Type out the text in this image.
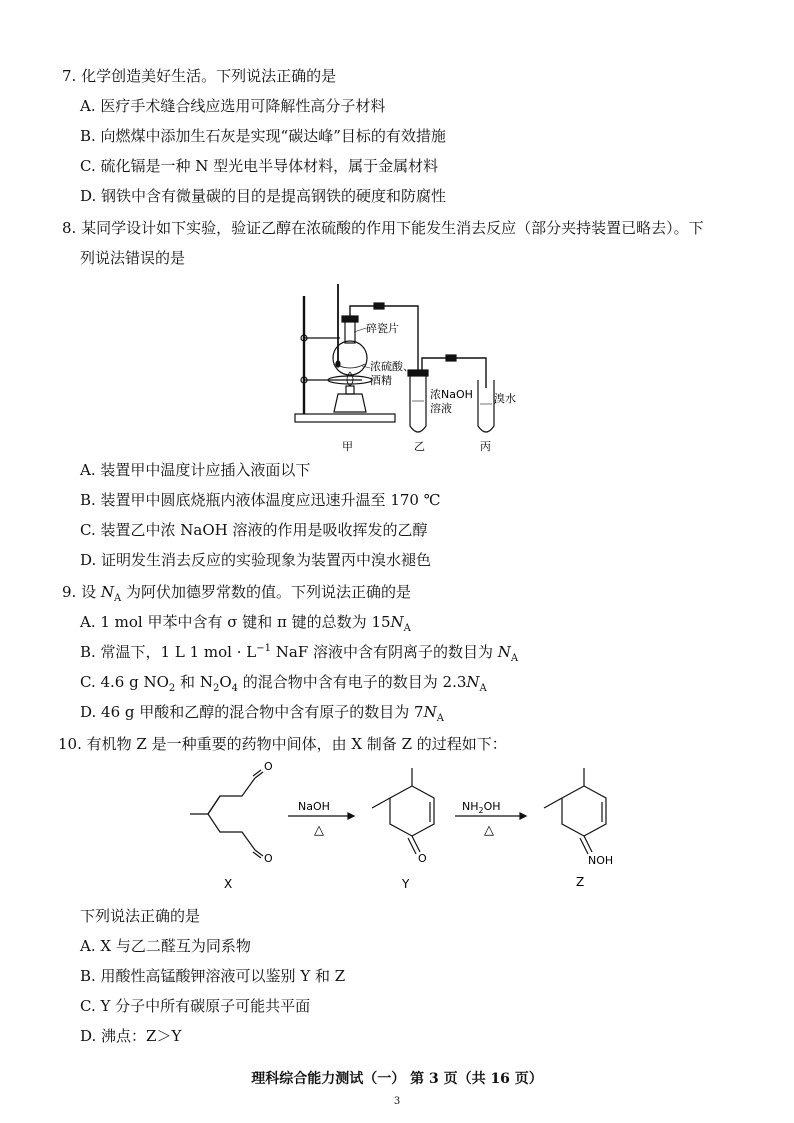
7. 化学创造美好生活。下列说法正确的是
A. 医疗手术缝合线应选用可降解性高分子材料
B. 向燃煤中添加生石灰是实现“碳达峰”目标的有效措施
C. 硫化镉是一种 N 型光电半导体材料，属于金属材料
D. 钢铁中含有微量碳的目的是提高钢铁的硬度和防腐性
8. 某同学设计如下实验，验证乙醇在浓硫酸的作用下能发生消去反应（部分夹持装置已略去）。下
列说法错误的是
碎瓷片
浓硫酸、
酒精
浓NaOH
溶液
溴水
甲	乙	丙
A. 装置甲中温度计应插入液面以下
B. 装置甲中圆底烧瓶内液体温度应迅速升温至 170 ℃
C. 装置乙中浓 NaOH 溶液的作用是吸收挥发的乙醇
D. 证明发生消去反应的实验现象为装置丙中溴水褪色
9. 设 $N_A$ 为阿伏加德罗常数的值。下列说法正确的是
A. 1 mol 甲苯中含有 σ 键和 π 键的总数为 $15N_A$
B. 常温下，1 L 1 mol · $L^{-1}$ NaF 溶液中含有阴离子的数目为 $N_A$
C. 4.6 g $NO_2$ 和 $N_2O_4$ 的混合物中含有电子的数目为 $2.3N_A$
D. 46 g 甲酸和乙醇的混合物中含有原子的数目为 $7N_A$
10. 有机物 Z 是一种重要的药物中间体，由 X 制备 Z 的过程如下：
O
O
NaOH
△
O
$NH_2OH$
△
NOH
X	Y	Z
下列说法正确的是
A. X 与乙二醛互为同系物
B. 用酸性高锰酸钾溶液可以鉴别 Y 和 Z
C. Y 分子中所有碳原子可能共平面
D. 沸点：Z＞Y
理科综合能力测试（一） 第 3 页（共 16 页）
3
